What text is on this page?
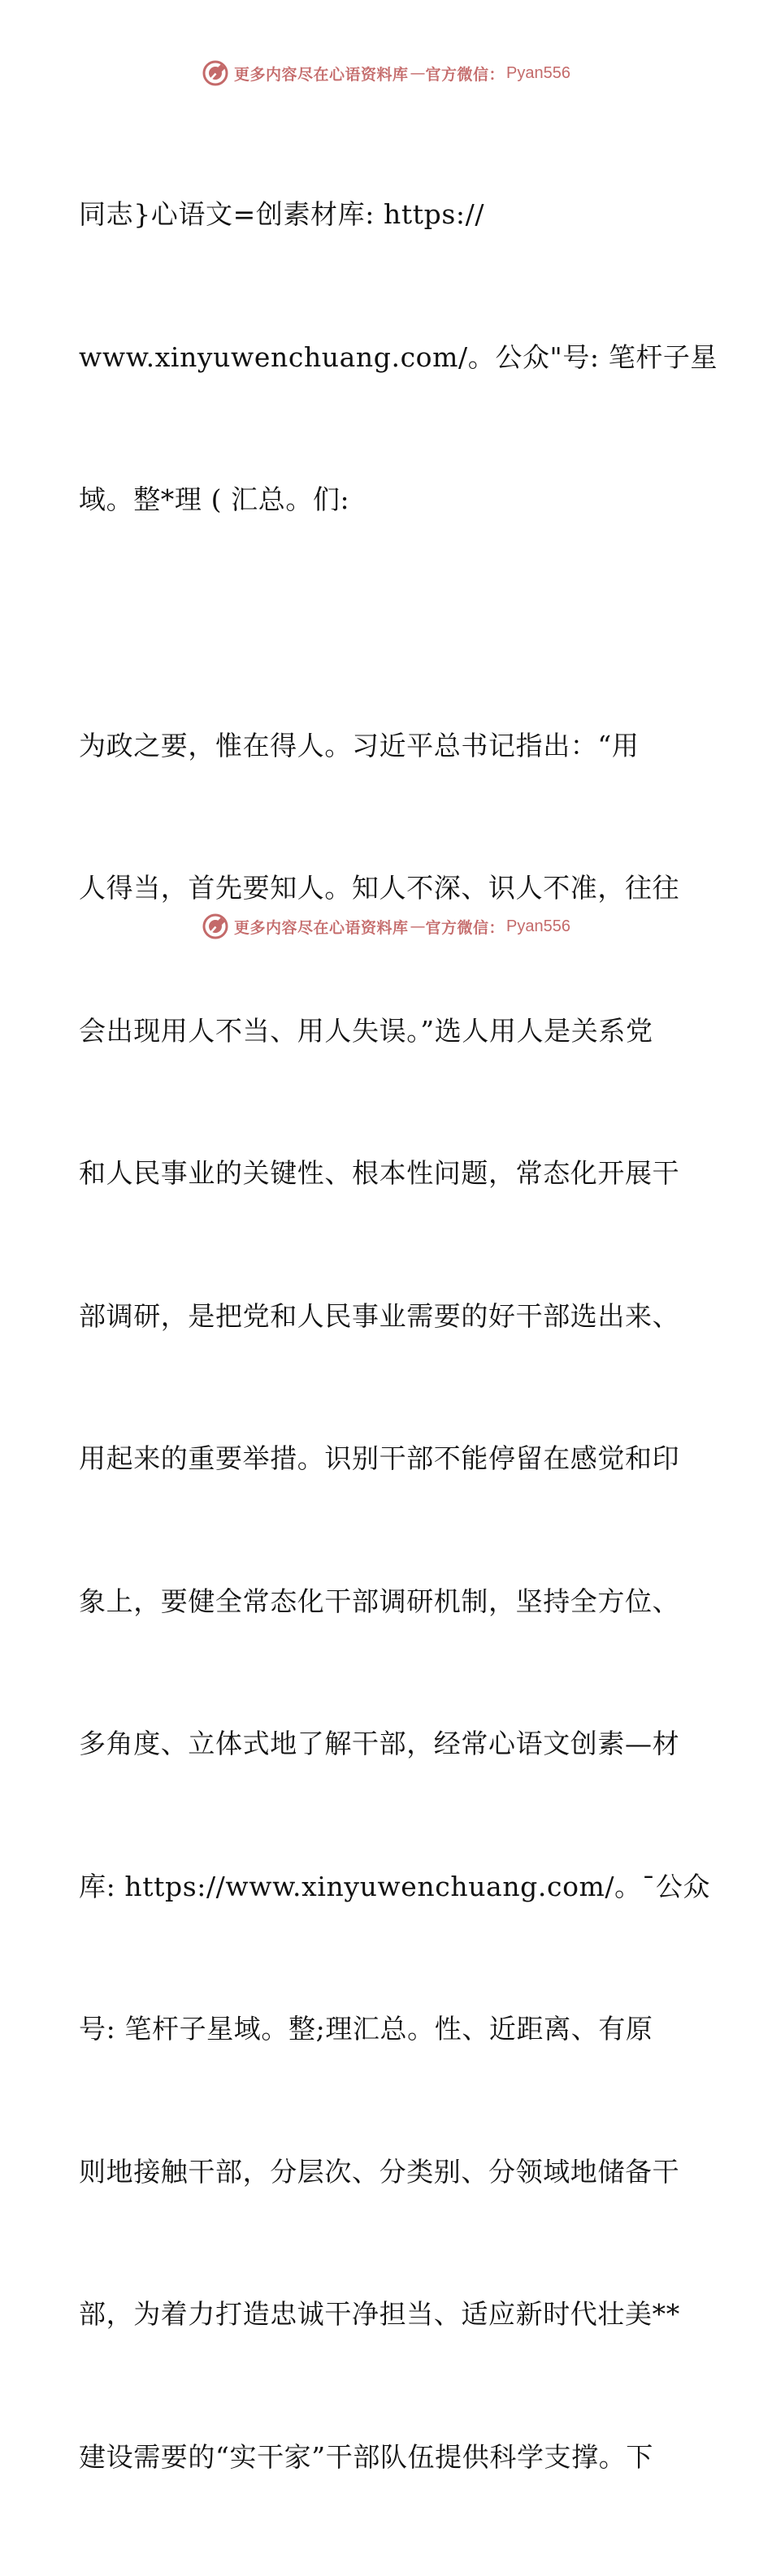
更多内容尽在心语资料库 — 官方微信： Pyan556

同志}心语文=创素材库: https://

www.xinyuwenchuang.com/。公众"号: 笔杆子星

域。整*理 ( 汇总。们:

为政之要，惟在得人。习近平总书记指出：“用

人得当，首先要知人。知人不深、识人不准，往往

会出现用人不当、用人失误。”选人用人是关系党

和人民事业的关键性、根本性问题，常态化开展干

部调研，是把党和人民事业需要的好干部选出来、

用起来的重要举措。识别干部不能停留在感觉和印

象上，要健全常态化干部调研机制，坚持全方位、

多角度、立体式地了解干部，经常心语文创素—材

库: https://www.xinyuwenchuang.com/。¯公众

号: 笔杆子星域。整;理汇总。性、近距离、有原

则地接触干部，分层次、分类别、分领域地储备干

部，为着力打造忠诚干净担当、适应新时代壮美**

建设需要的“实干家”干部队伍提供科学支撑。下

更多内容尽在心语资料库 — 官方微信： Pyan556
